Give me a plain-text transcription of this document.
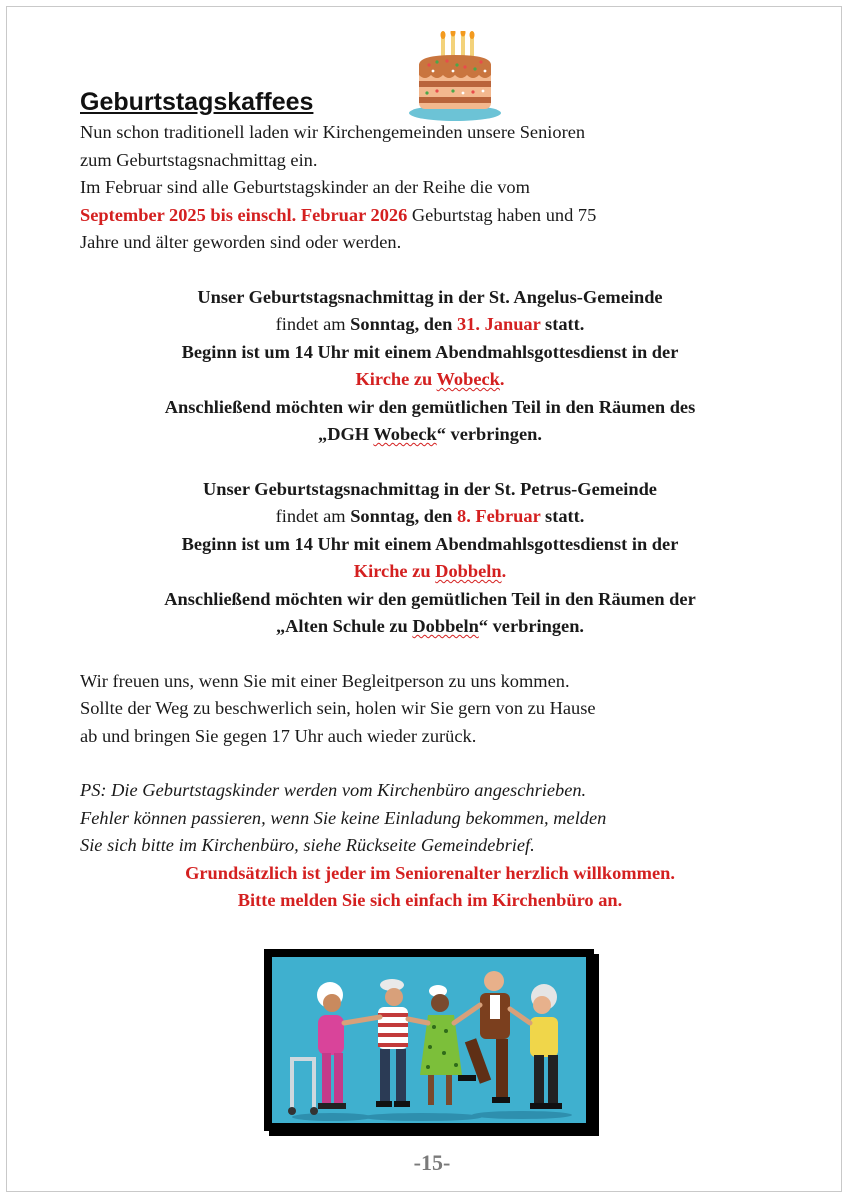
Geburtstagskaffees

Nun schon traditionell laden wir Kirchengemeinden unsere Senioren

zum Geburtstagsnachmittag ein.

Im Februar sind alle Geburtstagskinder an der Reihe die vom

September 2025 bis einschl. Februar 2026 Geburtstag haben und 75

Jahre und älter geworden sind oder werden.

Unser Geburtstagsnachmittag in der St. Angelus-Gemeinde

findet am Sonntag, den 31. Januar statt.

Beginn ist um 14 Uhr mit einem Abendmahlsgottesdienst in der

Kirche zu Wobeck.

Anschließend möchten wir den gemütlichen Teil in den Räumen des

„DGH Wobeck“ verbringen.

Unser Geburtstagsnachmittag in der St. Petrus-Gemeinde

findet am Sonntag, den 8. Februar statt.

Beginn ist um 14 Uhr mit einem Abendmahlsgottesdienst in der

Kirche zu Dobbeln.

Anschließend möchten wir den gemütlichen Teil in den Räumen der

„Alten Schule zu Dobbeln“ verbringen.

Wir freuen uns, wenn Sie mit einer Begleitperson zu uns kommen.

Sollte der Weg zu beschwerlich sein, holen wir Sie gern von zu Hause

ab und bringen Sie gegen 17 Uhr auch wieder zurück.

PS: Die Geburtstagskinder werden vom Kirchenbüro angeschrieben.

Fehler können passieren, wenn Sie keine Einladung bekommen, melden

Sie sich bitte im Kirchenbüro, siehe Rückseite Gemeindebrief.

Grundsätzlich ist jeder im Seniorenalter herzlich willkommen.

Bitte melden Sie sich einfach im Kirchenbüro an.

-15-
